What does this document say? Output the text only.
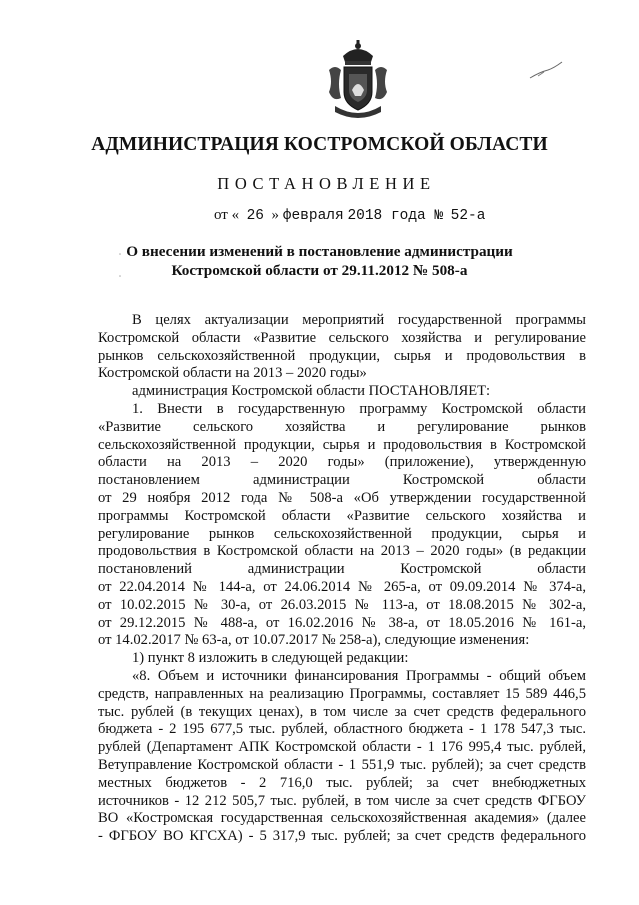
АДМИНИСТРАЦИЯ КОСТРОМСКОЙ ОБЛАСТИ
ПОСТАНОВЛЕНИЕ
от « 26 » февраля 2018 года № 52-а
О внесении изменений в постановление администрации
Костромской области от 29.11.2012 № 508-а
В целях актуализации мероприятий государственной программы
Костромской области «Развитие сельского хозяйства и регулирование
рынков сельскохозяйственной продукции, сырья и продовольствия в
Костромской области на 2013 – 2020 годы»
администрация Костромской области ПОСТАНОВЛЯЕТ:
1. Внести в государственную программу Костромской области
«Развитие сельского хозяйства и регулирование рынков
сельскохозяйственной продукции, сырья и продовольствия в Костромской
области на 2013 – 2020 годы» (приложение), утвержденную
постановлением администрации Костромской области
от 29 ноября 2012 года № 508-а «Об утверждении государственной
программы Костромской области «Развитие сельского хозяйства и
регулирование рынков сельскохозяйственной продукции, сырья и
продовольствия в Костромской области на 2013 – 2020 годы» (в редакции
постановлений администрации Костромской области
от 22.04.2014 № 144-а, от 24.06.2014 № 265-а, от 09.09.2014 № 374-а,
от 10.02.2015 № 30-а, от 26.03.2015 № 113-а, от 18.08.2015 № 302-а,
от 29.12.2015 № 488-а, от 16.02.2016 № 38-а, от 18.05.2016 № 161-а,
от 14.02.2017 № 63-а, от 10.07.2017 № 258-а), следующие изменения:
1) пункт 8 изложить в следующей редакции:
«8. Объем и источники финансирования Программы - общий объем
средств, направленных на реализацию Программы, составляет 15 589 446,5
тыс. рублей (в текущих ценах), в том числе за счет средств федерального
бюджета - 2 195 677,5 тыс. рублей, областного бюджета - 1 178 547,3 тыс.
рублей (Департамент АПК Костромской области - 1 176 995,4 тыс. рублей,
Ветуправление Костромской области - 1 551,9 тыс. рублей); за счет средств
местных бюджетов - 2 716,0 тыс. рублей; за счет внебюджетных
источников - 12 212 505,7 тыс. рублей, в том числе за счет средств ФГБОУ
ВО «Костромская государственная сельскохозяйственная академия» (далее
- ФГБОУ ВО КГСХА) - 5 317,9 тыс. рублей; за счет средств федерального
